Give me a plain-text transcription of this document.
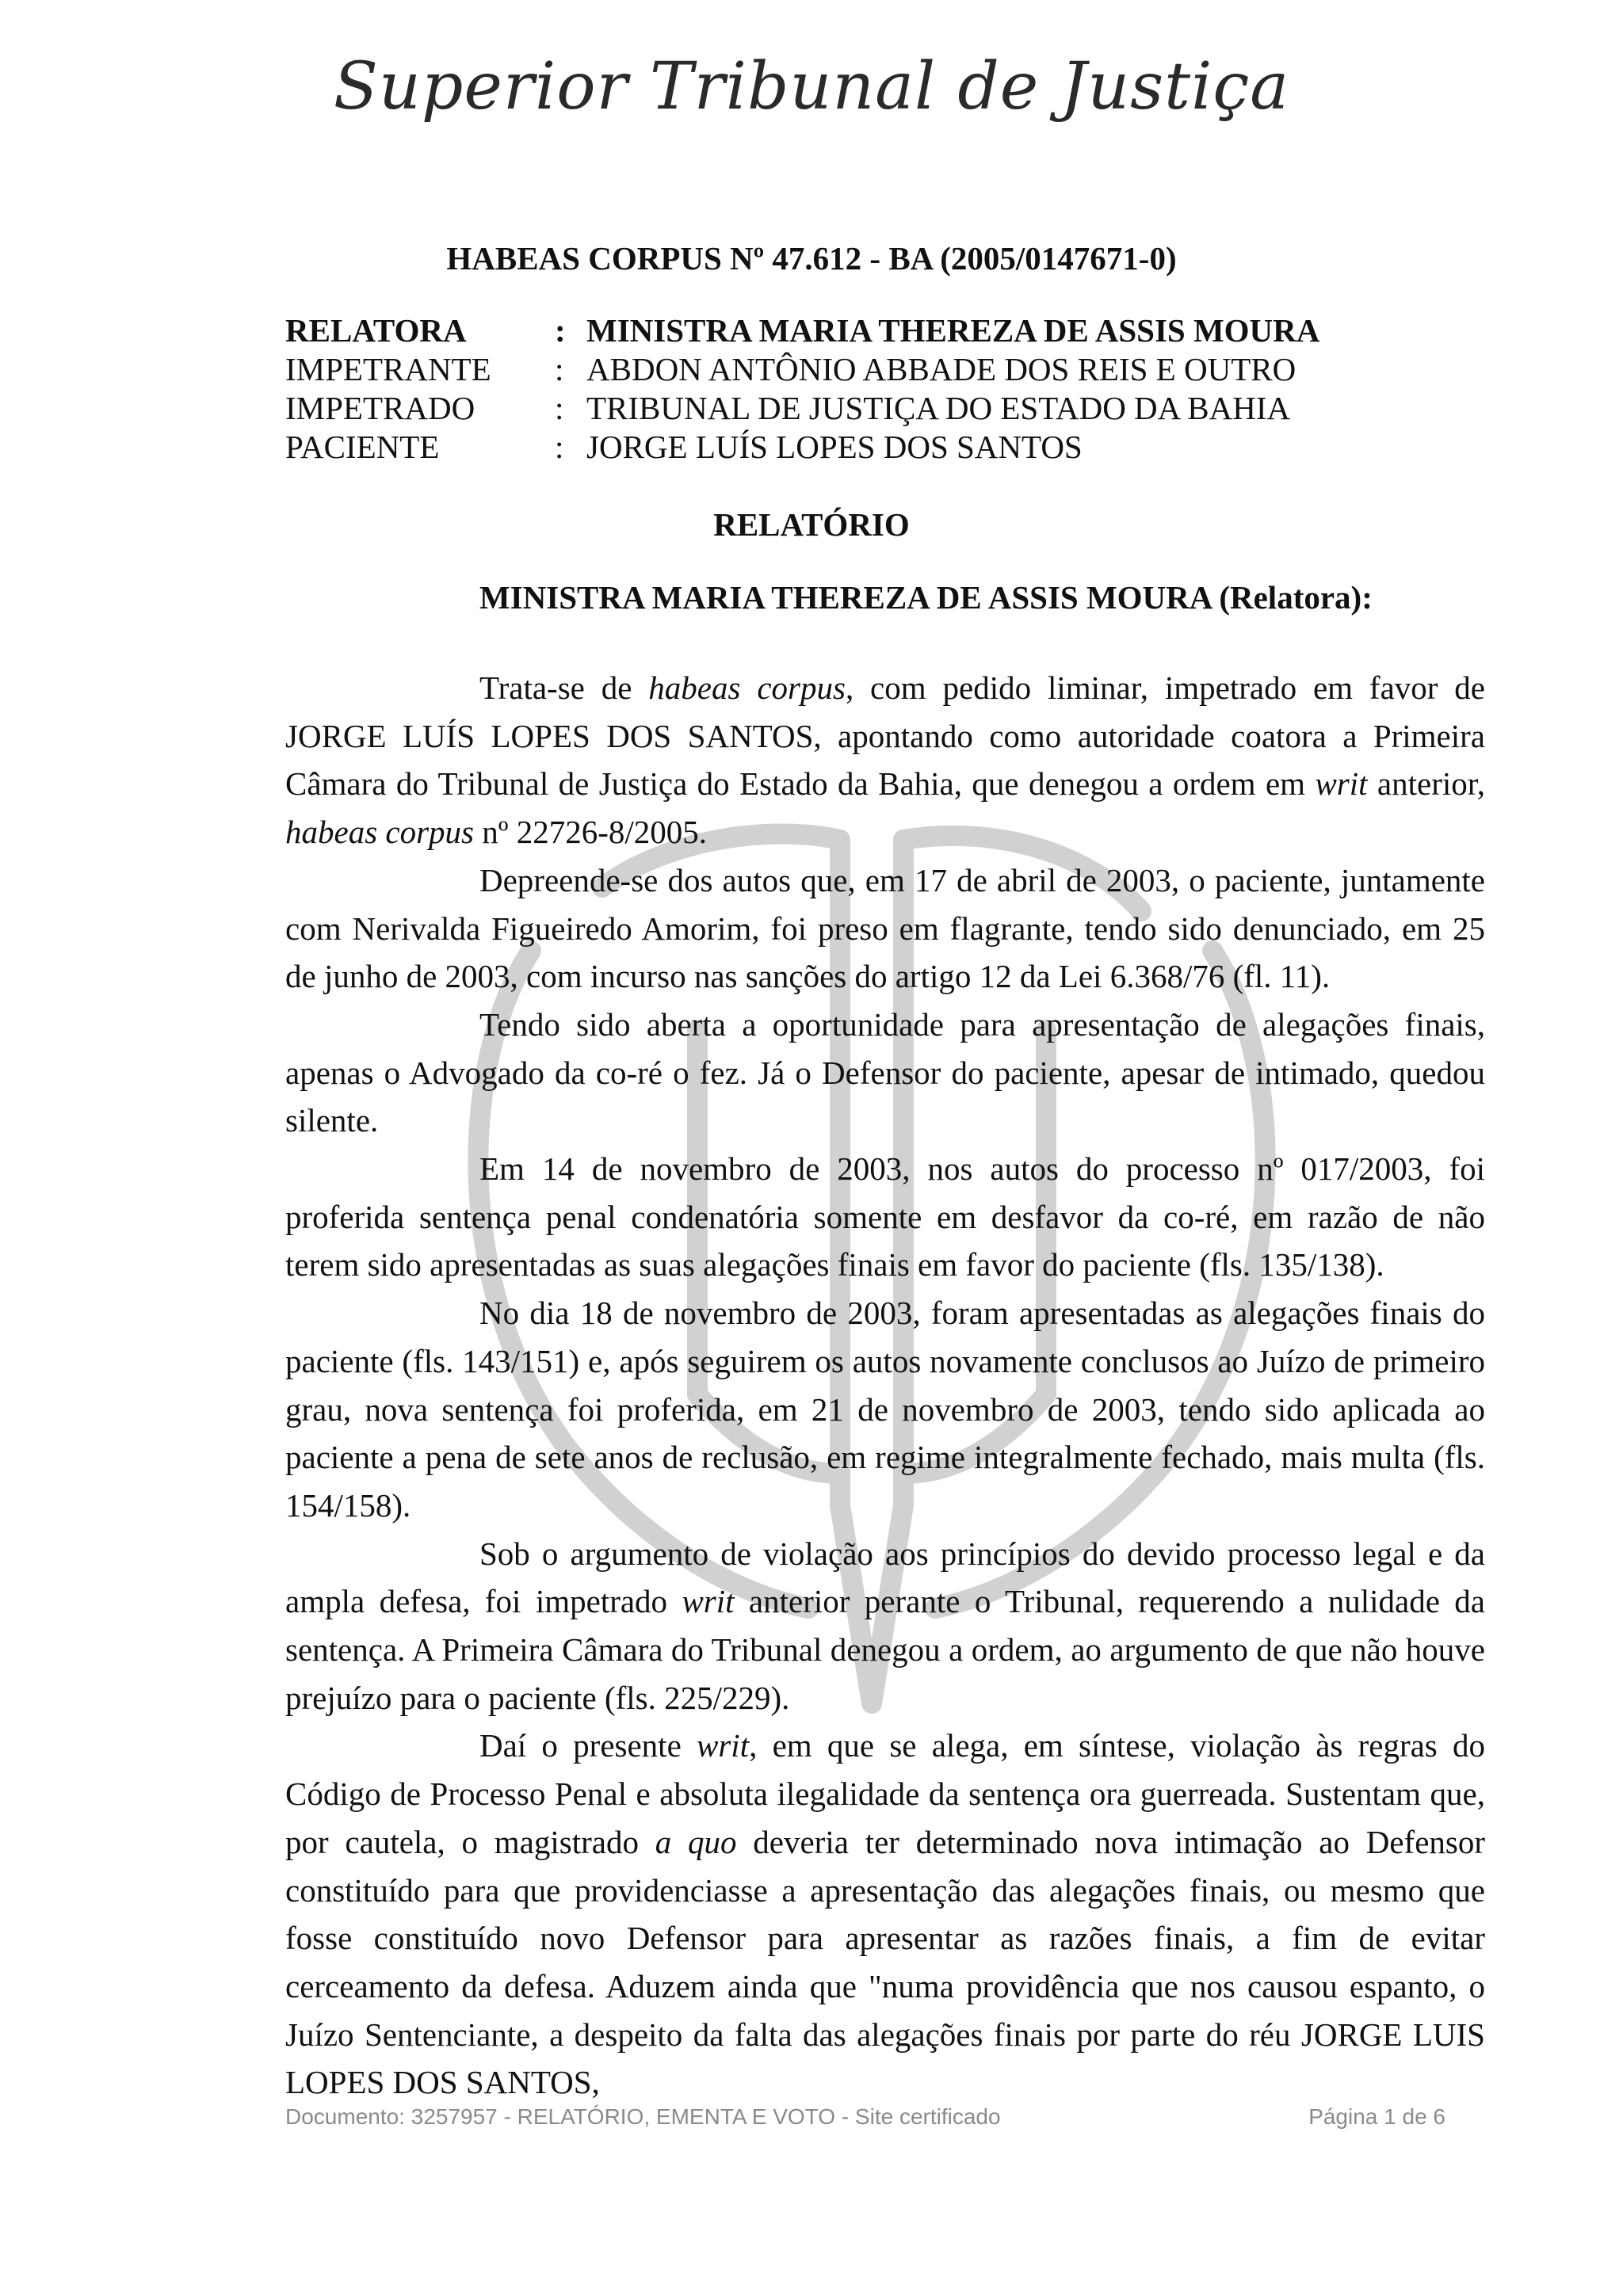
Superior Tribunal de Justiça
HABEAS CORPUS Nº 47.612 - BA (2005/0147671-0)
RELATORA	: MINISTRA MARIA THEREZA DE ASSIS MOURA
IMPETRANTE	: ABDON ANTÔNIO ABBADE DOS REIS E OUTRO
IMPETRADO	: TRIBUNAL DE JUSTIÇA DO ESTADO DA BAHIA
PACIENTE	: JORGE LUÍS LOPES DOS SANTOS
RELATÓRIO
MINISTRA MARIA THEREZA DE ASSIS MOURA (Relatora):

Trata-se de habeas corpus, com pedido liminar, impetrado em favor de JORGE LUÍS LOPES DOS SANTOS, apontando como autoridade coatora a Primeira Câmara do Tribunal de Justiça do Estado da Bahia, que denegou a ordem em writ anterior, habeas corpus nº 22726-8/2005.

Depreende-se dos autos que, em 17 de abril de 2003, o paciente, juntamente com Nerivalda Figueiredo Amorim, foi preso em flagrante, tendo sido denunciado, em 25 de junho de 2003, com incurso nas sanções do artigo 12 da Lei 6.368/76 (fl. 11).

Tendo sido aberta a oportunidade para apresentação de alegações finais, apenas o Advogado da co-ré o fez. Já o Defensor do paciente, apesar de intimado, quedou silente.

Em 14 de novembro de 2003, nos autos do processo nº 017/2003, foi proferida sentença penal condenatória somente em desfavor da co-ré, em razão de não terem sido apresentadas as suas alegações finais em favor do paciente (fls. 135/138).

No dia 18 de novembro de 2003, foram apresentadas as alegações finais do paciente (fls. 143/151) e, após seguirem os autos novamente conclusos ao Juízo de primeiro grau, nova sentença foi proferida, em 21 de novembro de 2003, tendo sido aplicada ao paciente a pena de sete anos de reclusão, em regime integralmente fechado, mais multa (fls. 154/158).

Sob o argumento de violação aos princípios do devido processo legal e da ampla defesa, foi impetrado writ anterior perante o Tribunal, requerendo a nulidade da sentença. A Primeira Câmara do Tribunal denegou a ordem, ao argumento de que não houve prejuízo para o paciente (fls. 225/229).

Daí o presente writ, em que se alega, em síntese, violação às regras do Código de Processo Penal e absoluta ilegalidade da sentença ora guerreada. Sustentam que, por cautela, o magistrado a quo deveria ter determinado nova intimação ao Defensor constituído para que providenciasse a apresentação das alegações finais, ou mesmo que fosse constituído novo Defensor para apresentar as razões finais, a fim de evitar cerceamento da defesa. Aduzem ainda que "numa providência que nos causou espanto, o Juízo Sentenciante, a despeito da falta das alegações finais por parte do réu JORGE LUIS LOPES DOS SANTOS,

Documento: 3257957 - RELATÓRIO, EMENTA E VOTO - Site certificado	Página 1 de 6
